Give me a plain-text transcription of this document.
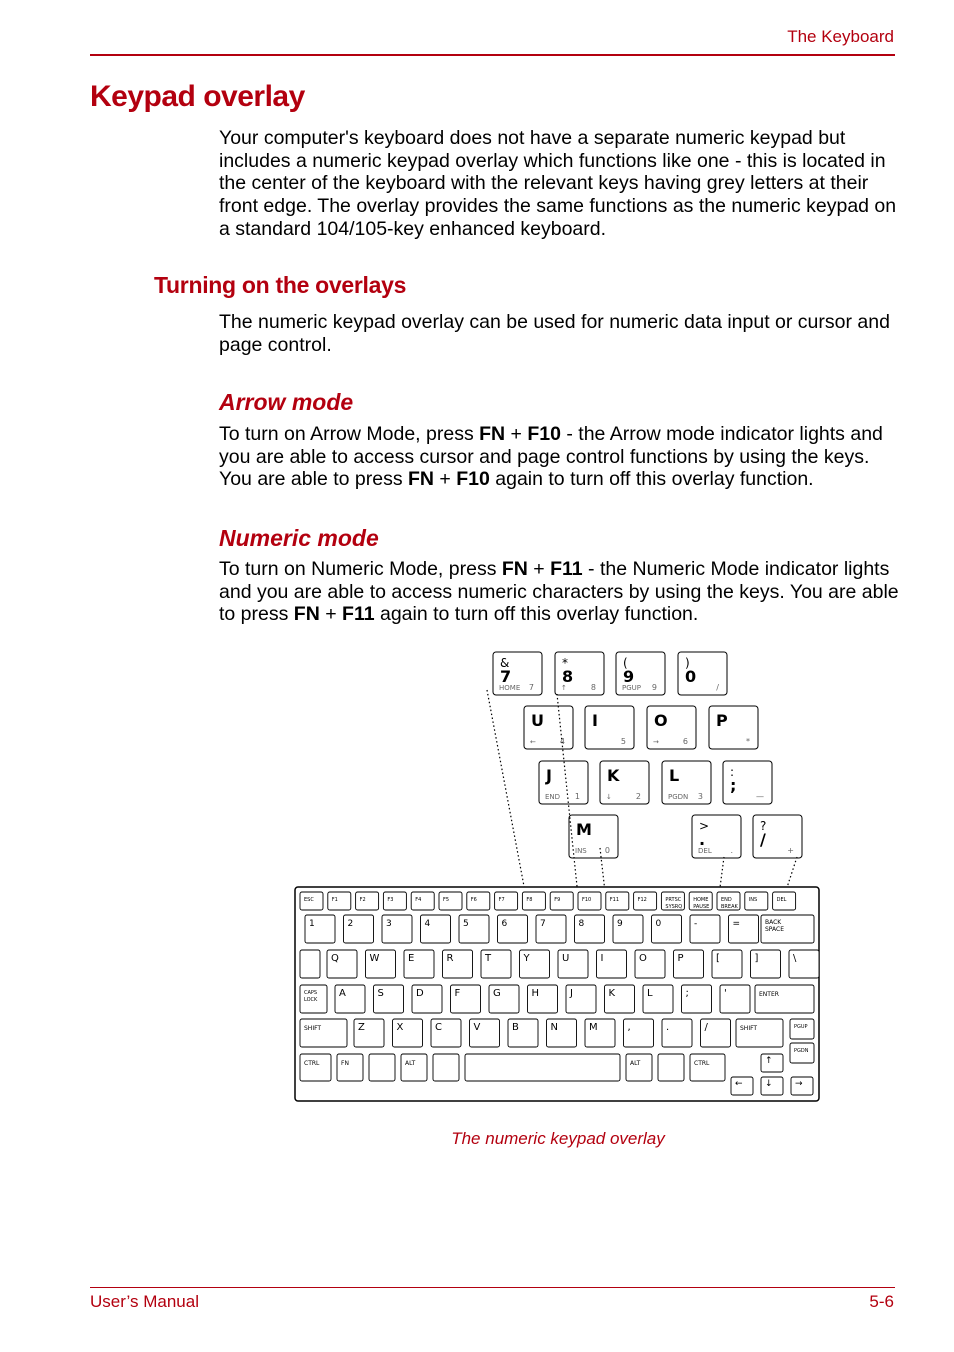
The Keyboard
Keypad overlay

Your computer's keyboard does not have a separate numeric keypad but includes a numeric keypad overlay which functions like one - this is located in the center of the keyboard with the relevant keys having grey letters at their front edge. The overlay provides the same functions as the numeric keypad on a standard 104/105-key enhanced keyboard.

Turning on the overlays

The numeric keypad overlay can be used for numeric data input or cursor and page control.

Arrow mode

To turn on Arrow Mode, press FN + F10 - the Arrow mode indicator lights and you are able to access cursor and page control functions by using the keys. You are able to press FN + F10 again to turn off this overlay function.

Numeric mode

To turn on Numeric Mode, press FN + F11 - the Numeric Mode indicator lights and you are able to access numeric characters by using the keys. You are able to press FN + F11 again to turn off this overlay function.

&
7
HOME 7
*
8
↑	8
(
9
PGUP 9
)
0
/
U
←	4
I
5
O
→	6
P
*
J
END 1
K
↓	2
L
PGDN 3
:
;
—
M
INS 0
>
.
DEL .
?
/
+
ESC	F1	F2	F3	F4	F5	F6	F7	F8	F9	F10	F11	F12	PRTSC
SYSRQ
HOME
PAUSE
END
BREAK
INS	DEL
1	2	3	4	5	6	7	8	9	0	-	=	BACK
SPACE
Q	W	E	R	T	Y	U	I	O	P	[	]	\
CAPS
LOCK
A	S	D	F	G	H	J	K	L	;	'	ENTER
SHIFT	Z	X	C	V	B	N	M	,	.	/	SHIFT	PGUP
PGDN
CTRL	FN	ALT	ALT	CTRL	↑
← ↓ →
The numeric keypad overlay
User’s Manual	5-6
